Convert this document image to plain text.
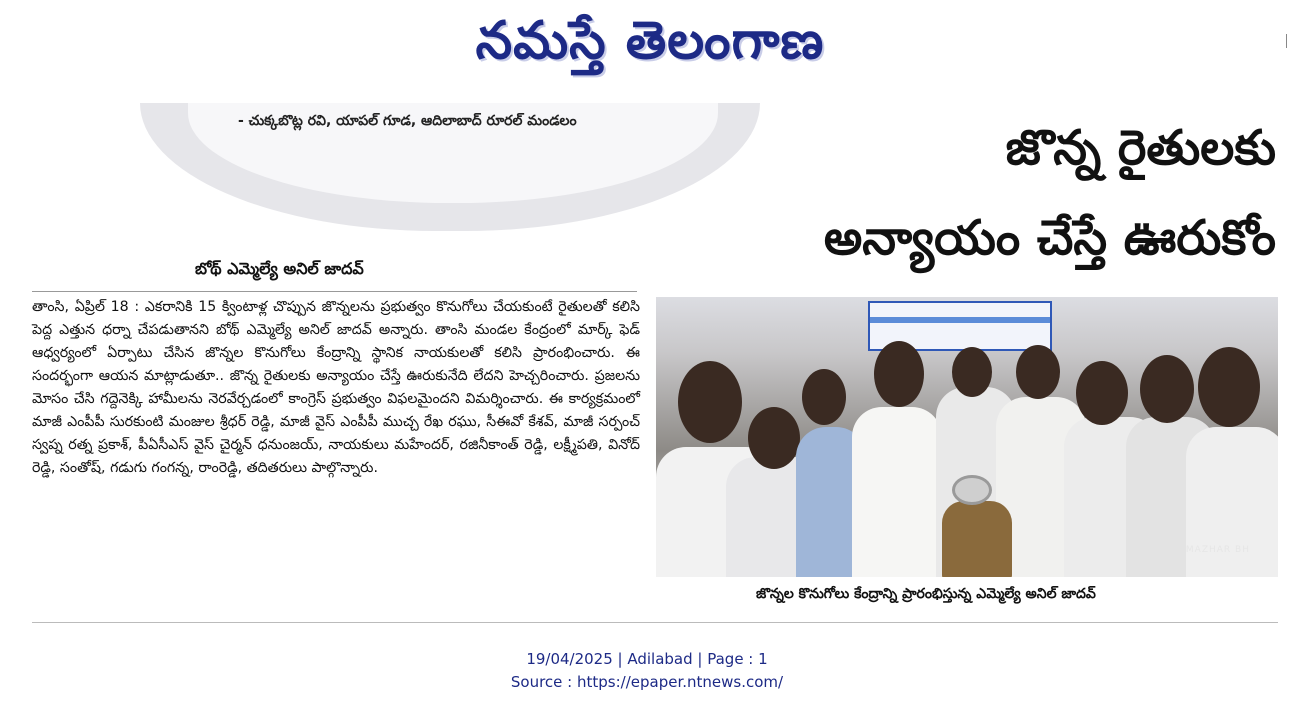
నమస్తే తెలంగాణ
- చుక్కబొట్ల రవి, యాపల్ గూడ, ఆదిలాబాద్ రూరల్ మండలం
బోథ్ ఎమ్మెల్యే అనిల్ జాదవ్
తాంసి, ఏప్రిల్ 18 : ఎకరానికి 15 క్వింటాళ్ల చొప్పున జొన్నలను ప్రభుత్వం కొనుగోలు చేయకుంటే రైతులతో కలిసి పెద్ద ఎత్తున ధర్నా చేపడుతానని బోథ్ ఎమ్మెల్యే అనిల్ జాదవ్ అన్నారు. తాంసి మండల కేంద్రంలో మార్క్ ఫెడ్ ఆధ్వర్యంలో ఏర్పాటు చేసిన జొన్నల కొనుగోలు కేంద్రాన్ని స్థానిక నాయకులతో కలిసి ప్రారంభించారు. ఈ సందర్భంగా ఆయన మాట్లాడుతూ.. జొన్న రైతులకు అన్యాయం చేస్తే ఊరుకునేది లేదని హెచ్చరించారు. ప్రజలను మోసం చేసి గద్దెనెక్కి హామీలను నెరవేర్చడంలో కాంగ్రెస్ ప్రభుత్వం విఫలమైందని విమర్శించారు. ఈ కార్యక్రమంలో మాజీ ఎంపీపీ సురకుంటి మంజుల శ్రీధర్ రెడ్డి, మాజీ వైస్ ఎంపీపీ ముచ్చ రేఖ రఘు, సీఈవో కేశవ్, మాజీ సర్పంచ్ స్వప్న రత్న ప్రకాశ్, పీఏసీఎస్ వైస్ చైర్మన్ ధనుంజయ్, నాయకులు మహేందర్, రజినీకాంత్ రెడ్డి, లక్ష్మీపతి, వినోద్ రెడ్డి, సంతోష్, గడుగు గంగన్న, రాంరెడ్డి, తదితరులు పాల్గొన్నారు.
జొన్న రైతులకు
అన్యాయం చేస్తే ఊరుకోం
MAZHAR BH
జొన్నల కొనుగోలు కేంద్రాన్ని ప్రారంభిస్తున్న ఎమ్మెల్యే అనిల్ జాదవ్
19/04/2025 | Adilabad | Page : 1
Source : https://epaper.ntnews.com/
